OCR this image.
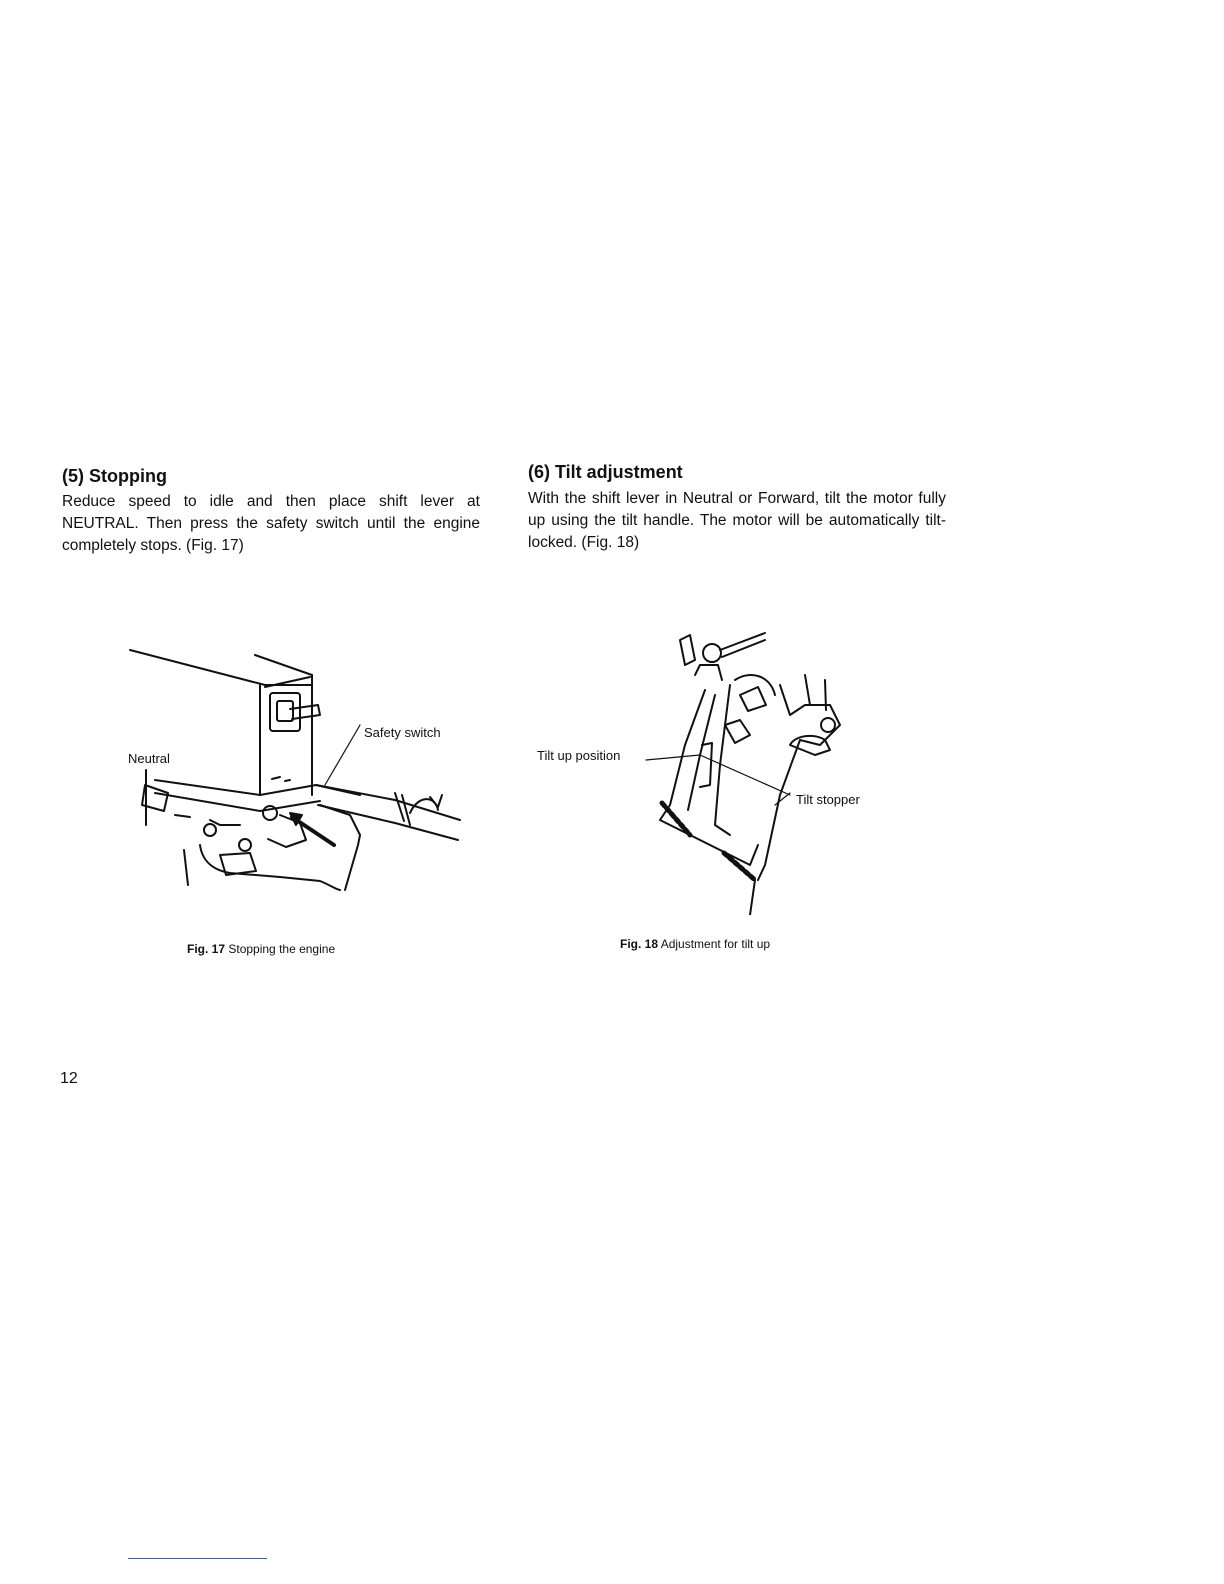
(5) Stopping

Reduce speed to idle and then place shift lever at NEUTRAL. Then press the safety switch until the engine completely stops. (Fig. 17)

(6) Tilt adjustment

With the shift lever in Neutral or Forward, tilt the motor fully up using the tilt handle. The motor will be automatically tilt-locked. (Fig. 18)

Neutral
Safety switch
Fig. 17 Stopping the engine
Tilt up position
Tilt stopper
Fig. 18 Adjustment for tilt up
12
